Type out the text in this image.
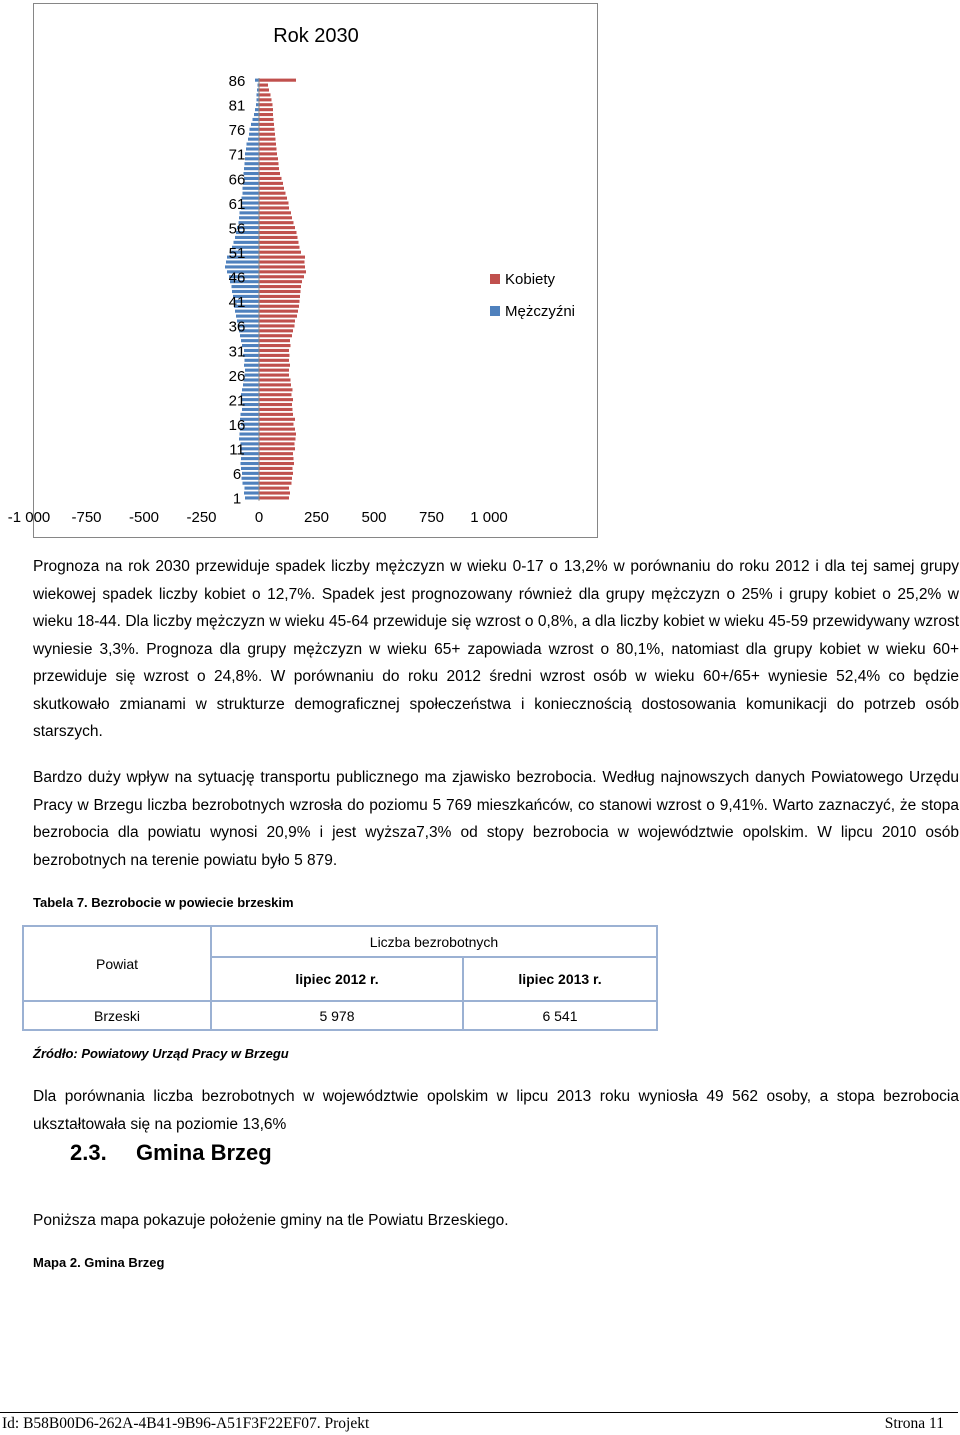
Rok 2030
1
6
11
16
21
26
31
36
41
46
51
56
61
66
71
76
81
86
-1 000 -750 -500 -250	0	250 500 750 1 000
Kobiety
Mężczyźni

Prognoza na rok 2030 przewiduje spadek liczby mężczyzn w wieku 0-17 o 13,2% w porównaniu do roku 2012 i dla tej samej grupy wiekowej spadek liczby kobiet o 12,7%. Spadek jest prognozowany również dla grupy mężczyzn o 25% i grupy kobiet o 25,2% w wieku 18-44. Dla liczby mężczyzn w wieku 45-64 przewiduje się wzrost o 0,8%, a dla liczby kobiet w wieku 45-59 przewidywany wzrost wyniesie 3,3%. Prognoza dla grupy mężczyzn w wieku 65+ zapowiada wzrost o 80,1%, natomiast dla grupy kobiet w wieku 60+ przewiduje się wzrost o 24,8%. W porównaniu do roku 2012 średni wzrost osób w wieku 60+/65+ wyniesie 52,4% co będzie skutkowało zmianami w strukturze demograficznej społeczeństwa i koniecznością dostosowania komunikacji do potrzeb osób starszych.

Bardzo duży wpływ na sytuację transportu publicznego ma zjawisko bezrobocia. Według najnowszych danych Powiatowego Urzędu Pracy w Brzegu liczba bezrobotnych wzrosła do poziomu 5 769 mieszkańców, co stanowi wzrost o 9,41%. Warto zaznaczyć, że stopa bezrobocia dla powiatu wynosi 20,9% i jest wyższa7,3% od stopy bezrobocia w województwie opolskim. W lipcu 2010 osób bezrobotnych na terenie powiatu było 5 879.

Tabela 7. Bezrobocie w powiecie brzeskim

Powiat	Liczba bezrobotnych	
	lipiec 2012 r.	lipiec 2013 r.
Brzeski	5 978	6 541

Źródło: Powiatowy Urząd Pracy w Brzegu

Dla porównania liczba bezrobotnych w województwie opolskim w lipcu 2013 roku wyniosła 49 562 osoby, a stopa bezrobocia ukształtowała się na poziomie 13,6%

2.3. Gmina Brzeg

Poniższa mapa pokazuje położenie gminy na tle Powiatu Brzeskiego.

Mapa 2. Gmina Brzeg

Id: B58B00D6-262A-4B41-9B96-A51F3F22EF07. Projekt	Strona 11
